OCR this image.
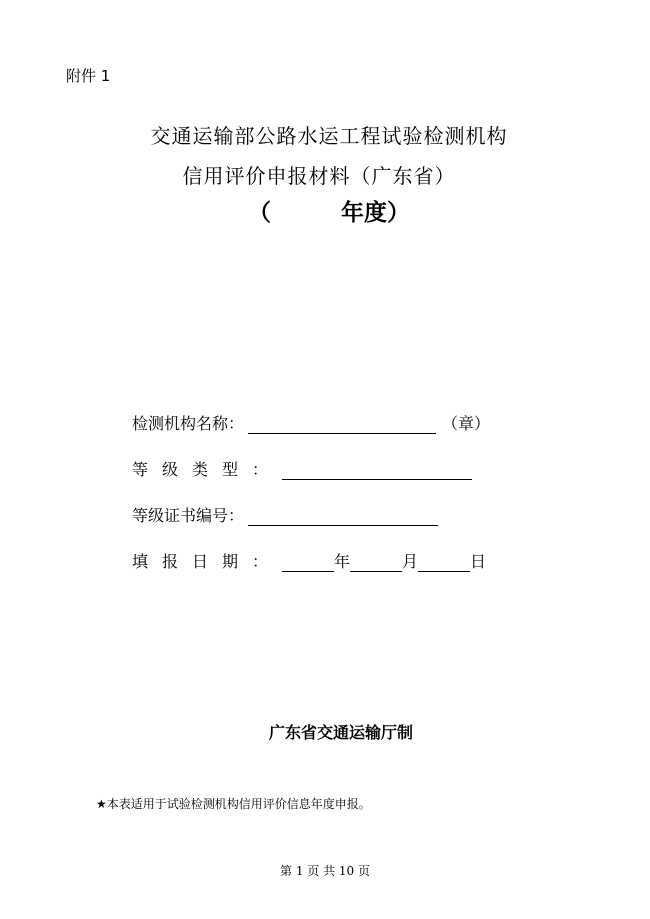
附件 1
交通运输部公路水运工程试验检测机构
信用评价申报材料（广东省）
（	年度）
检测机构名称：	（章）
等级类型：
等级证书编号：
填报日期：	年	月	日
广东省交通运输厅制
★本表适用于试验检测机构信用评价信息年度申报。
第 1 页 共 10 页
